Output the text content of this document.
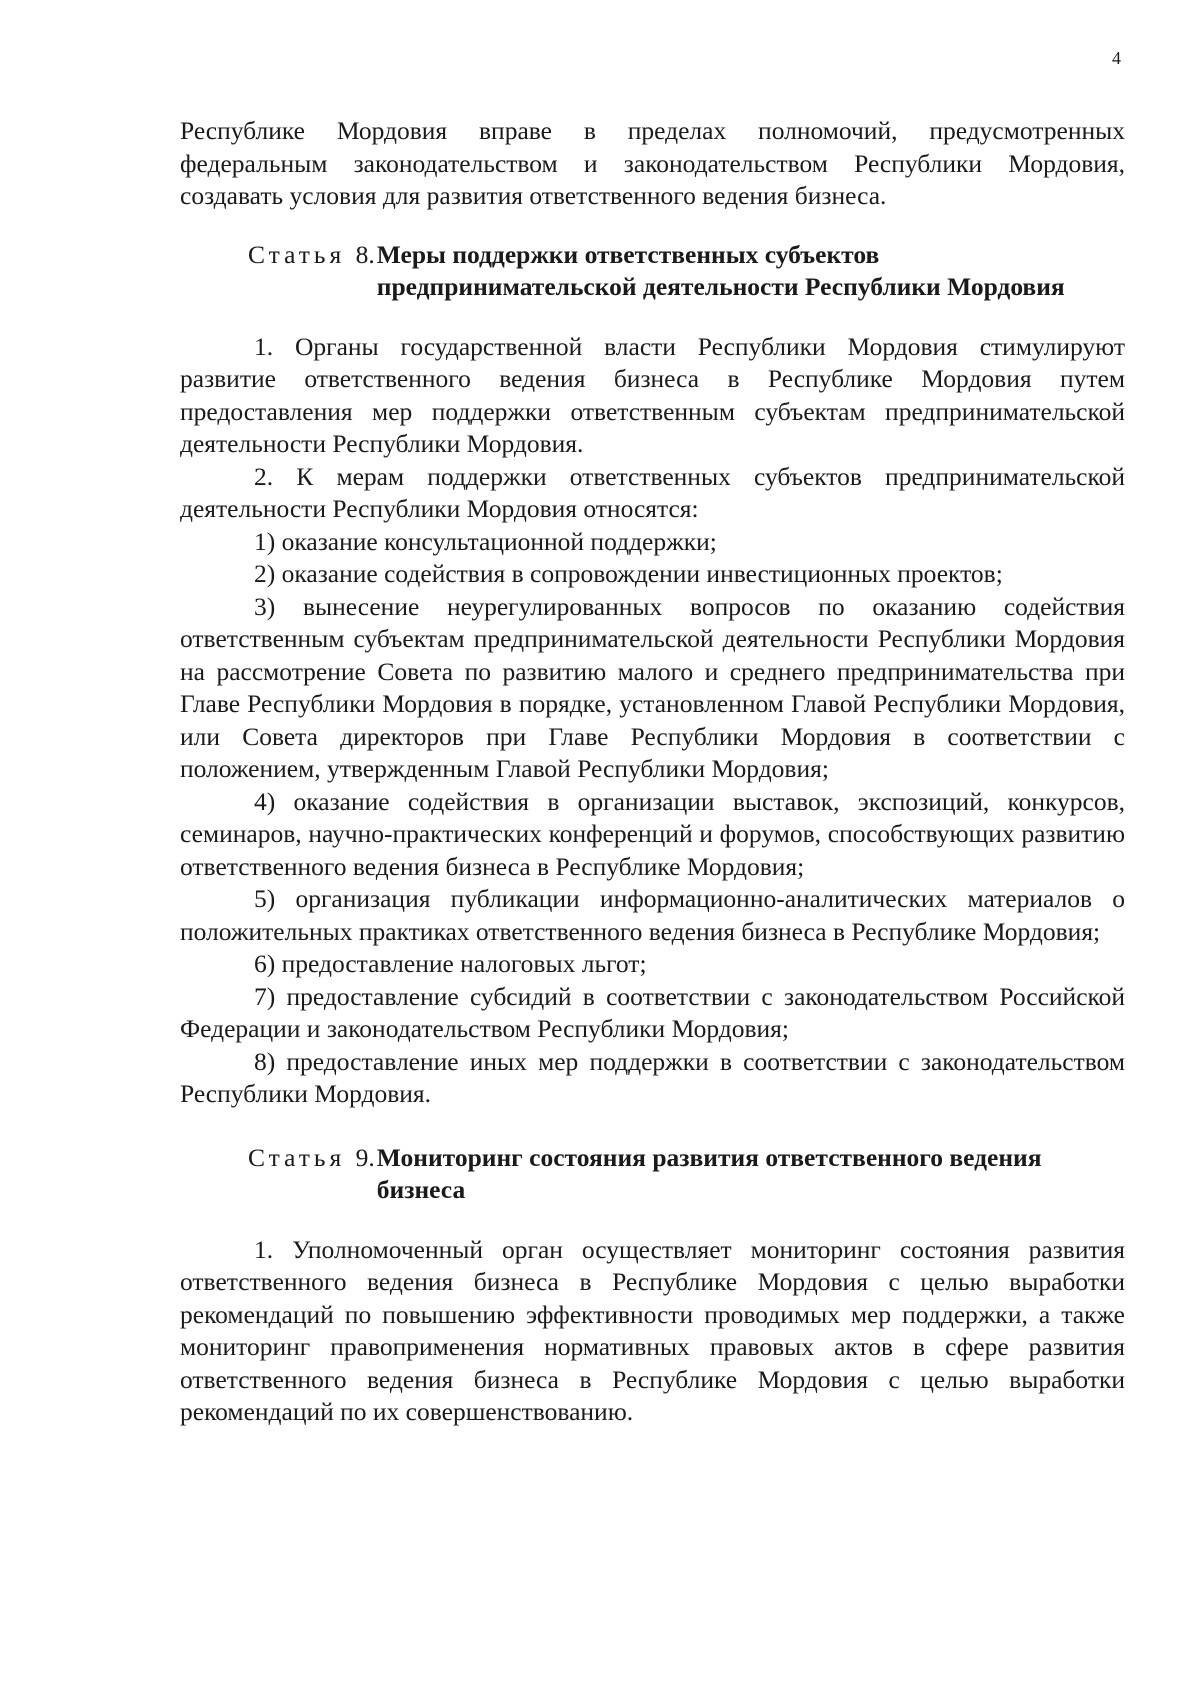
4

Республике Мордовия вправе в пределах полномочий, предусмотренных федеральным законодательством и законодательством Республики Мордовия, создавать условия для развития ответственного ведения бизнеса.

Статья 8. Меры поддержки ответственных субъектов предпринимательской деятельности Республики Мордовия

1. Органы государственной власти Республики Мордовия стимулируют развитие ответственного ведения бизнеса в Республике Мордовия путем предоставления мер поддержки ответственным субъектам предпринимательской деятельности Республики Мордовия.

2. К мерам поддержки ответственных субъектов предпринимательской деятельности Республики Мордовия относятся:

1) оказание консультационной поддержки;

2) оказание содействия в сопровождении инвестиционных проектов;

3) вынесение неурегулированных вопросов по оказанию содействия ответственным субъектам предпринимательской деятельности Республики Мордовия на рассмотрение Совета по развитию малого и среднего предпринимательства при Главе Республики Мордовия в порядке, установленном Главой Республики Мордовия, или Совета директоров при Главе Республики Мордовия в соответствии с положением, утвержденным Главой Республики Мордовия;

4) оказание содействия в организации выставок, экспозиций, конкурсов, семинаров, научно-практических конференций и форумов, способствующих развитию ответственного ведения бизнеса в Республике Мордовия;

5) организация публикации информационно-аналитических материалов о положительных практиках ответственного ведения бизнеса в Республике Мордовия;

6) предоставление налоговых льгот;

7) предоставление субсидий в соответствии с законодательством Российской Федерации и законодательством Республики Мордовия;

8) предоставление иных мер поддержки в соответствии с законодательством Республики Мордовия.

Статья 9. Мониторинг состояния развития ответственного ведения бизнеса

1. Уполномоченный орган осуществляет мониторинг состояния развития ответственного ведения бизнеса в Республике Мордовия с целью выработки рекомендаций по повышению эффективности проводимых мер поддержки, а также мониторинг правоприменения нормативных правовых актов в сфере развития ответственного ведения бизнеса в Республике Мордовия с целью выработки рекомендаций по их совершенствованию.
